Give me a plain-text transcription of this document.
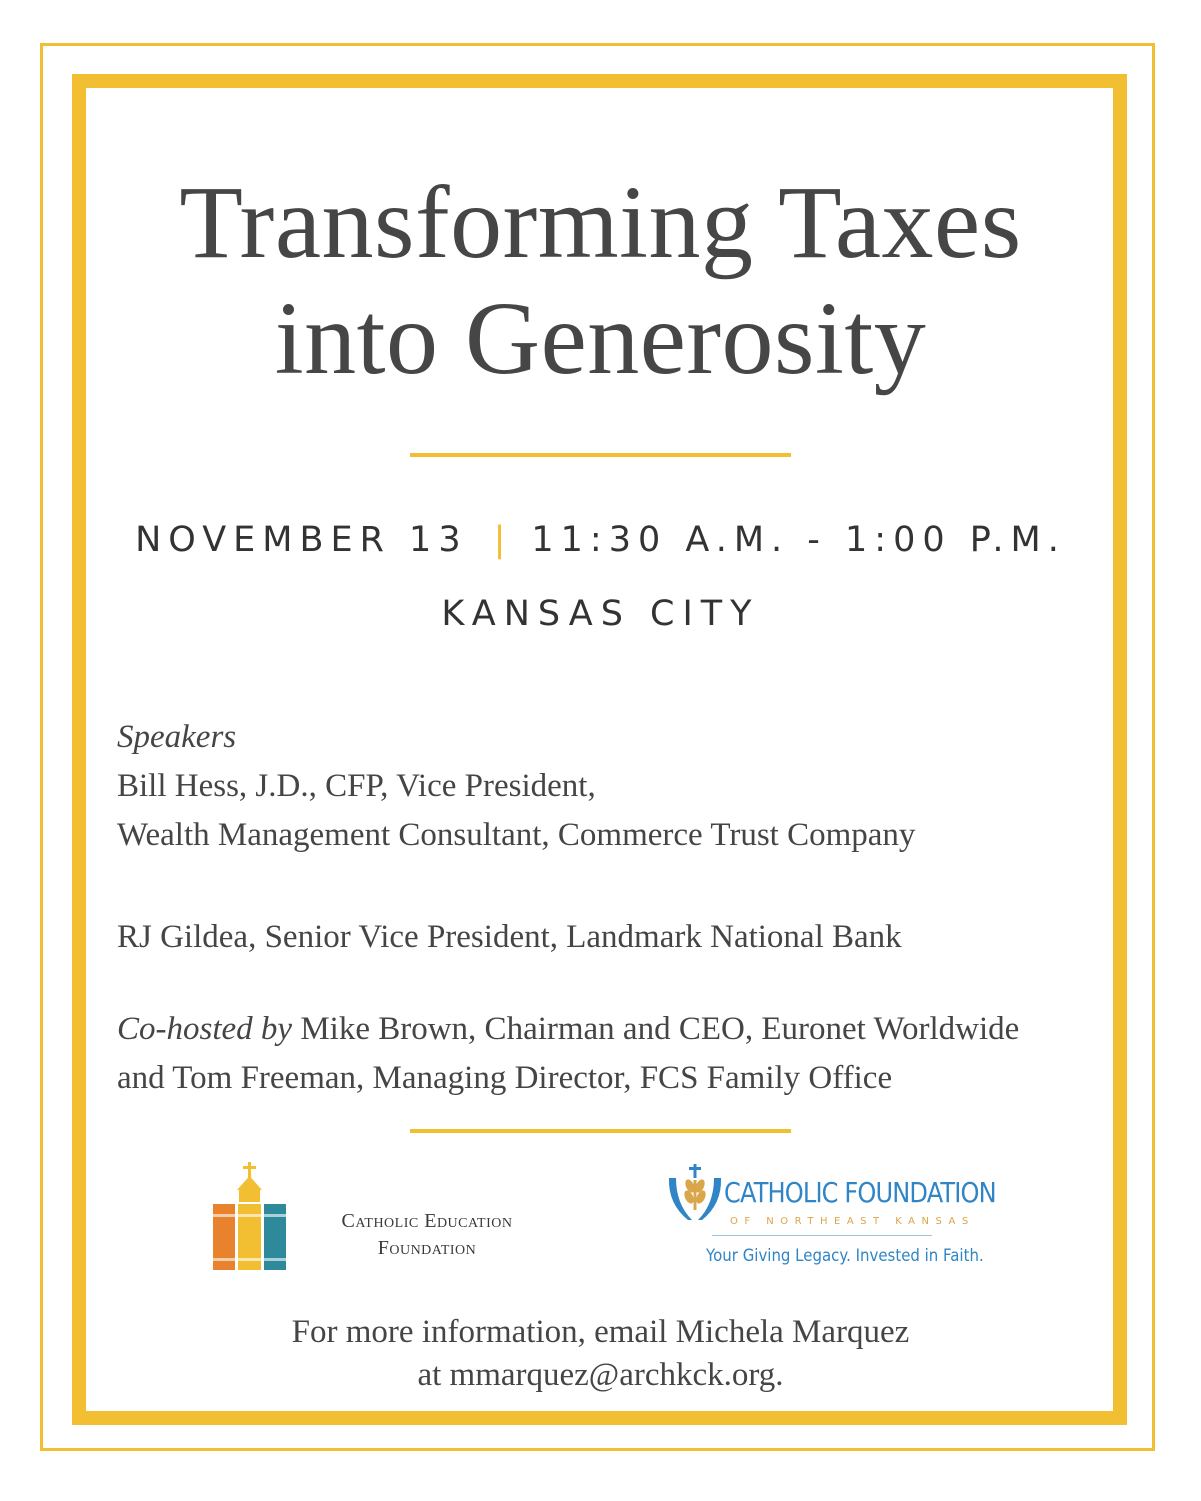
Transforming Taxes
into Generosity
NOVEMBER 13 | 11:30 A.M. - 1:00 P.M.
KANSAS CITY
Speakers
Bill Hess, J.D., CFP, Vice President,
Wealth Management Consultant, Commerce Trust Company
RJ Gildea, Senior Vice President, Landmark National Bank
Co-hosted by Mike Brown, Chairman and CEO, Euronet Worldwide
and Tom Freeman, Managing Director, FCS Family Office
Catholic Education
Foundation
CATHOLIC FOUNDATION
OF NORTHEAST KANSAS
Your Giving Legacy. Invested in Faith.
For more information, email Michela Marquez
at mmarquez@archkck.org.
